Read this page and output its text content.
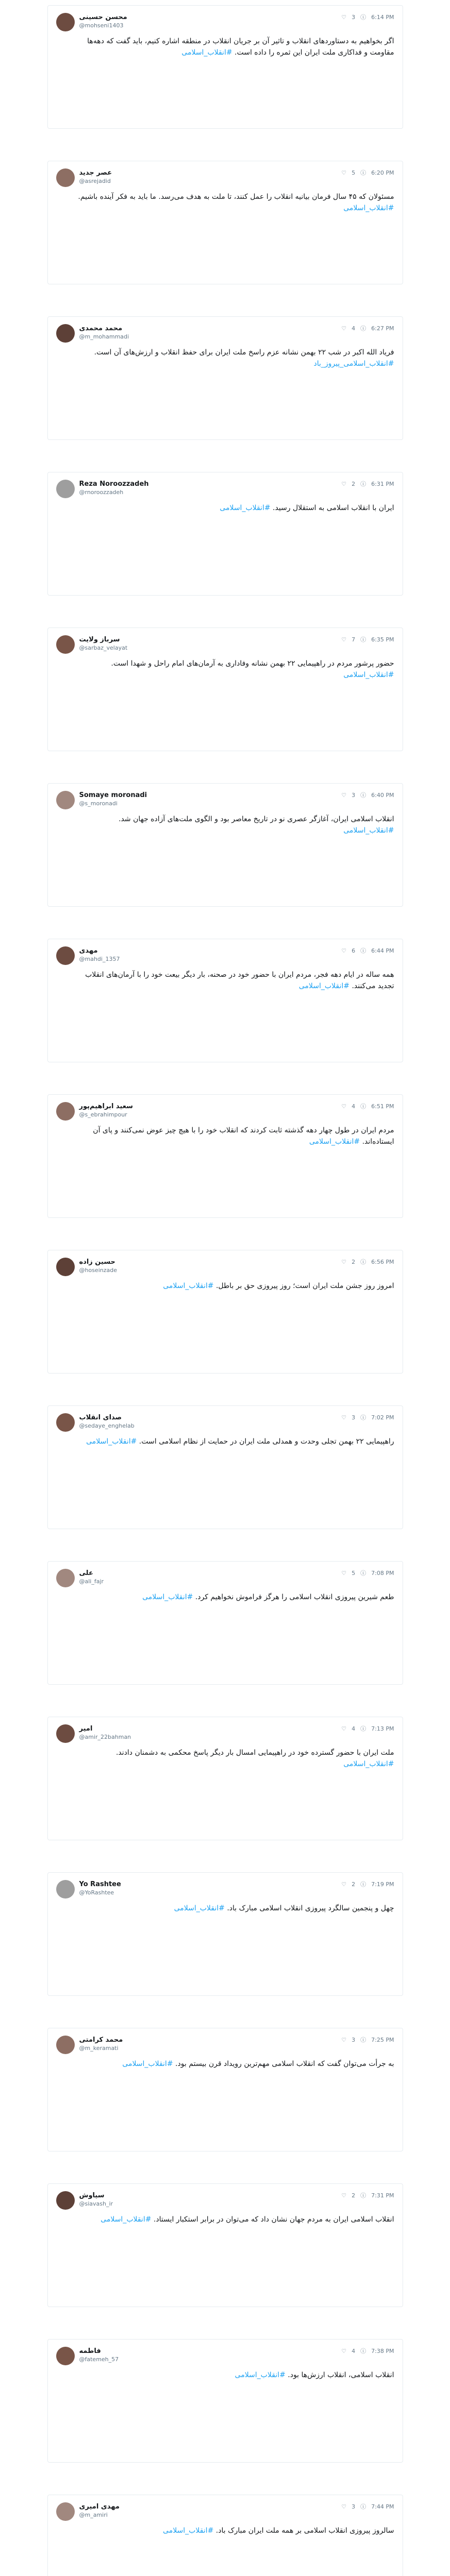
محسن حسینی
@mohseni1403
♡ 3 ⓘ 6:14 PM
اگر بخواهیم به دستاوردهای انقلاب و تاثیر آن بر جریان انقلاب در منطقه اشاره کنیم، باید گفت که دهه‌ها مقاومت و فداکاری ملت ایران این ثمره را داده است. #انقلاب_اسلامی
عصر جدید
@asrejadid
♡ 5 ⓘ 6:20 PM
مسئولان که ۴۵ سال فرمان بیانیه انقلاب را عمل کنند، تا ملت به هدف می‌رسد. ما باید به فکر آینده باشیم. #انقلاب_اسلامی
محمد محمدی
@m_mohammadi
♡ 4 ⓘ 6:27 PM
فریاد الله اکبر در شب ۲۲ بهمن نشانه عزم راسخ ملت ایران برای حفظ انقلاب و ارزش‌های آن است. #انقلاب_اسلامی_پیروز_باد
Reza Noroozzadeh
@rnoroozzadeh
♡ 2 ⓘ 6:31 PM
ایران با انقلاب اسلامی به استقلال رسید. #انقلاب_اسلامی
سرباز ولایت
@sarbaz_velayat
♡ 7 ⓘ 6:35 PM
حضور پرشور مردم در راهپیمایی ۲۲ بهمن نشانه وفاداری به آرمان‌های امام راحل و شهدا است. #انقلاب_اسلامی
Somaye moronadi
@s_moronadi
♡ 3 ⓘ 6:40 PM
انقلاب اسلامی ایران، آغازگر عصری نو در تاریخ معاصر بود و الگوی ملت‌های آزاده جهان شد. #انقلاب_اسلامی
مهدی
@mahdi_1357
♡ 6 ⓘ 6:44 PM
همه ساله در ایام دهه فجر، مردم ایران با حضور خود در صحنه، بار دیگر بیعت خود را با آرمان‌های انقلاب تجدید می‌کنند. #انقلاب_اسلامی
سعید ابراهیم‌پور
@s_ebrahimpour
♡ 4 ⓘ 6:51 PM
مردم ایران در طول چهار دهه گذشته ثابت کردند که انقلاب خود را با هیچ چیز عوض نمی‌کنند و پای آن ایستاده‌اند. #انقلاب_اسلامی
حسین زاده
@hoseinzade
♡ 2 ⓘ 6:56 PM
امروز روز جشن ملت ایران است؛ روز پیروزی حق بر باطل. #انقلاب_اسلامی
صدای انقلاب
@sedaye_enghelab
♡ 3 ⓘ 7:02 PM
راهپیمایی ۲۲ بهمن تجلی وحدت و همدلی ملت ایران در حمایت از نظام اسلامی است. #انقلاب_اسلامی
علی
@ali_fajr
♡ 5 ⓘ 7:08 PM
طعم شیرین پیروزی انقلاب اسلامی را هرگز فراموش نخواهیم کرد. #انقلاب_اسلامی
امیر
@amir_22bahman
♡ 4 ⓘ 7:13 PM
ملت ایران با حضور گسترده خود در راهپیمایی امسال بار دیگر پاسخ محکمی به دشمنان دادند. #انقلاب_اسلامی
Yo Rashtee
@YoRashtee
♡ 2 ⓘ 7:19 PM
چهل و پنجمین سالگرد پیروزی انقلاب اسلامی مبارک باد. #انقلاب_اسلامی
محمد کرامتی
@m_keramati
♡ 3 ⓘ 7:25 PM
به جرأت می‌توان گفت که انقلاب اسلامی مهم‌ترین رویداد قرن بیستم بود. #انقلاب_اسلامی
سیاوش
@siavash_ir
♡ 2 ⓘ 7:31 PM
انقلاب اسلامی ایران به مردم جهان نشان داد که می‌توان در برابر استکبار ایستاد. #انقلاب_اسلامی
فاطمه
@fatemeh_57
♡ 4 ⓘ 7:38 PM
انقلاب اسلامی، انقلاب ارزش‌ها بود. #انقلاب_اسلامی
مهدی امیری
@m_amiri
♡ 3 ⓘ 7:44 PM
سالروز پیروزی انقلاب اسلامی بر همه ملت ایران مبارک باد. #انقلاب_اسلامی
